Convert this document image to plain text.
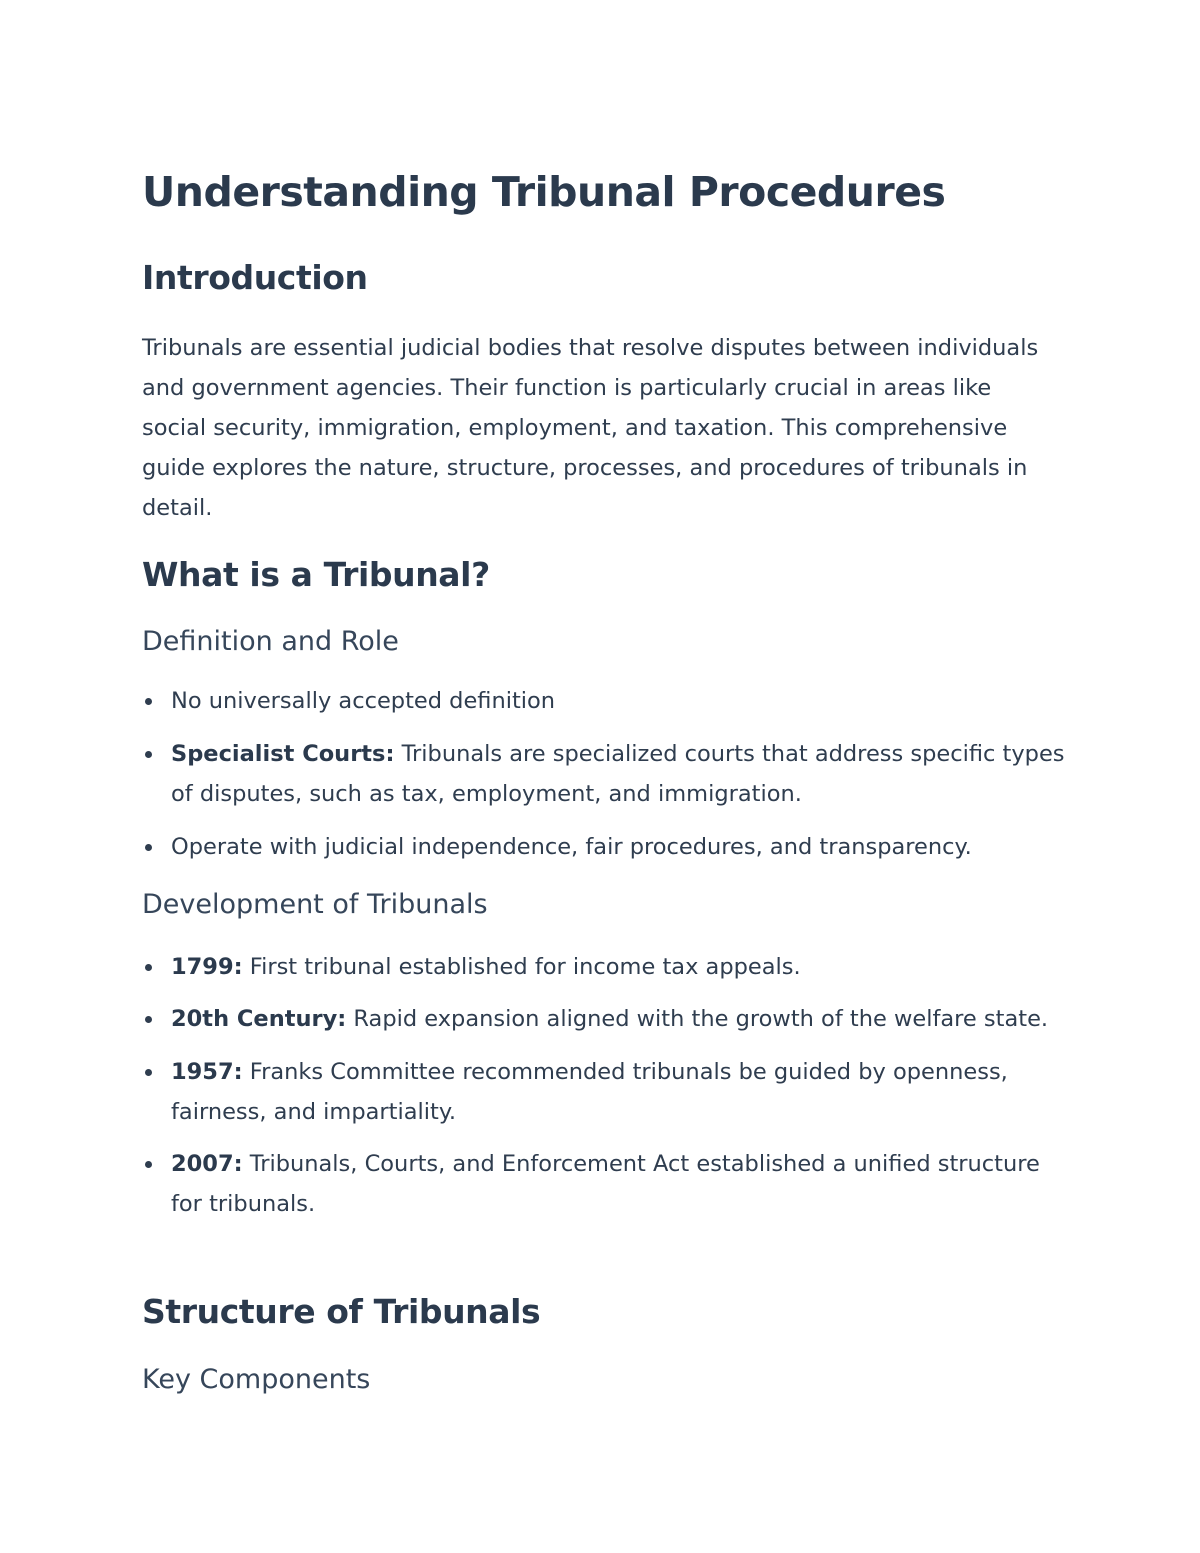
Understanding Tribunal Procedures
Introduction

Tribunals are essential judicial bodies that resolve disputes between individuals and government agencies. Their function is particularly crucial in areas like social security, immigration, employment, and taxation. This comprehensive guide explores the nature, structure, processes, and procedures of tribunals in detail.

What is a Tribunal?
Definition and Role
No universally accepted definition
Specialist Courts: Tribunals are specialized courts that address specific types of disputes, such as tax, employment, and immigration.
Operate with judicial independence, fair procedures, and transparency.
Development of Tribunals
1799: First tribunal established for income tax appeals.
20th Century: Rapid expansion aligned with the growth of the welfare state.
1957: Franks Committee recommended tribunals be guided by openness, fairness, and impartiality.
2007: Tribunals, Courts, and Enforcement Act established a unified structure for tribunals.
Structure of Tribunals
Key Components
